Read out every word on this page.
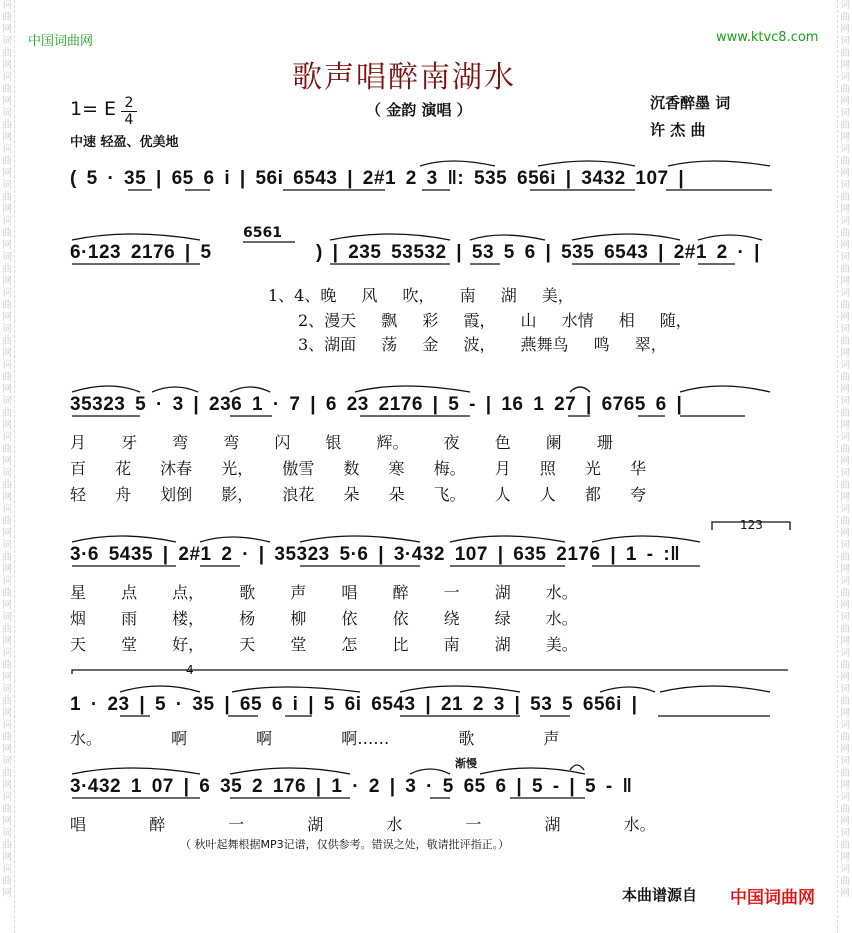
词曲网词曲网词曲网词曲网词曲网词曲网词曲网词曲网词曲网词曲网词曲网词曲网词曲网词曲网词曲网词曲网词曲网词曲网词曲网词曲网词曲网词曲网词曲网词曲网词曲网
词曲网词曲网词曲网词曲网词曲网词曲网词曲网词曲网词曲网词曲网词曲网词曲网词曲网词曲网词曲网词曲网词曲网词曲网词曲网词曲网词曲网词曲网词曲网词曲网词曲网
中国词曲网	www.ktvc8.com
歌声唱醉南湖水
（ 金韵 演唱 ）
1= E 2
4
中速 轻盈、优美地
沉香醉墨 词
许 杰 曲
( 5 · 35 | 65 6 i | 56i 6543 | 2#1 2 3 ‖: 535 656i | 3432 107 |
6·123 2176 | 5
6561
) | 235 53532 | 53 5 6 | 535 6543 | 2#1 2 · |
1、4、晚 风 吹， 南 湖 美，
2、漫天 飘 彩 霞， 山 水情 相 随，
3、湖面 荡 金 波， 燕舞鸟 鸣 翠，
35323 5 · 3 | 236 1 · 7 | 6 23 2176 | 5 - | 16 1 27 | 6765 6 |
月 牙 弯 弯 闪 银 辉。 夜 色 阑 珊
百 花 沐春 光， 傲雪 数 寒 梅。 月 照 光 华
轻 舟 划倒 影， 浪花 朵 朵 飞。 人 人 都 夸
123
3·6 5435 | 2#1 2 · | 35323 5·6 | 3·432 107 | 635 2176 | 1 - :‖
星 点 点， 歌 声 唱 醉 一 湖 水。
烟 雨 楼， 杨 柳 依 依 绕 绿 水。
天 堂 好， 天 堂 怎 比 南 湖 美。
4
1 · 23 | 5 · 35 | 65 6 i | 5 6i 6543 | 21 2 3 | 53 5 656i |
水。 啊 啊 啊…… 歌 声
渐慢
3·432 1 07 | 6 35 2 176 | 1 · 2 | 3 · 5 65 6 | 5 - | 5 - ‖
唱 醉 一 湖 水 一 湖 水。
（ 秋叶起舞根据MP3记谱，仅供参考。错误之处，敬请批评指正。）
本曲谱源自 中国词曲网
